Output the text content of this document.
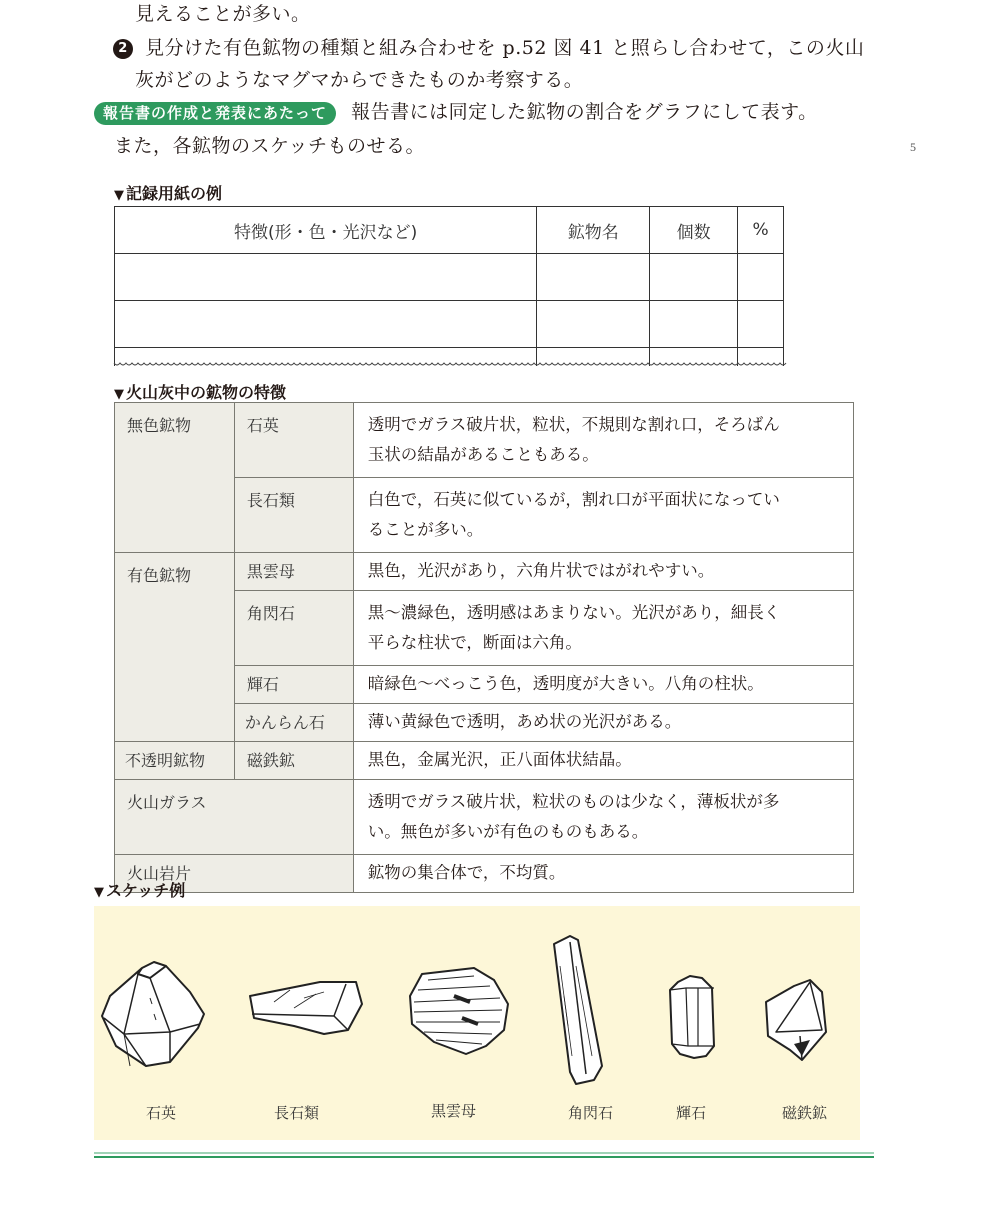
見えることが多い。
2 見分けた有色鉱物の種類と組み合わせを p.52 図 41 と照らし合わせて，この火山
灰がどのようなマグマからできたものか考察する。
報告書の作成と発表にあたって 報告書には同定した鉱物の割合をグラフにして表す。
また，各鉱物のスケッチものせる。	5
▼ 記録用紙の例
特徴(形・色・光沢など)	鉱物名	個数	%

▼ 火山灰中の鉱物の特徴
無色鉱物	石英	透明でガラス破片状，粒状，不規則な割れ口，そろばん
玉状の結晶があることもある。
	長石類	白色で，石英に似ているが，割れ口が平面状になってい
ることが多い。
有色鉱物	黒雲母	黒色，光沢があり，六角片状ではがれやすい。
	角閃石	黒～濃緑色，透明感はあまりない。光沢があり，細長く
平らな柱状で，断面は六角。
	輝石	暗緑色～べっこう色，透明度が大きい。八角の柱状。
	かんらん石	薄い黄緑色で透明，あめ状の光沢がある。
不透明鉱物	磁鉄鉱	黒色，金属光沢，正八面体状結晶。
火山ガラス		透明でガラス破片状，粒状のものは少なく，薄板状が多
い。無色が多いが有色のものもある。
火山岩片		鉱物の集合体で，不均質。
▼ スケッチ例
石英	長石類	黒雲母	角閃石	輝石	磁鉄鉱
